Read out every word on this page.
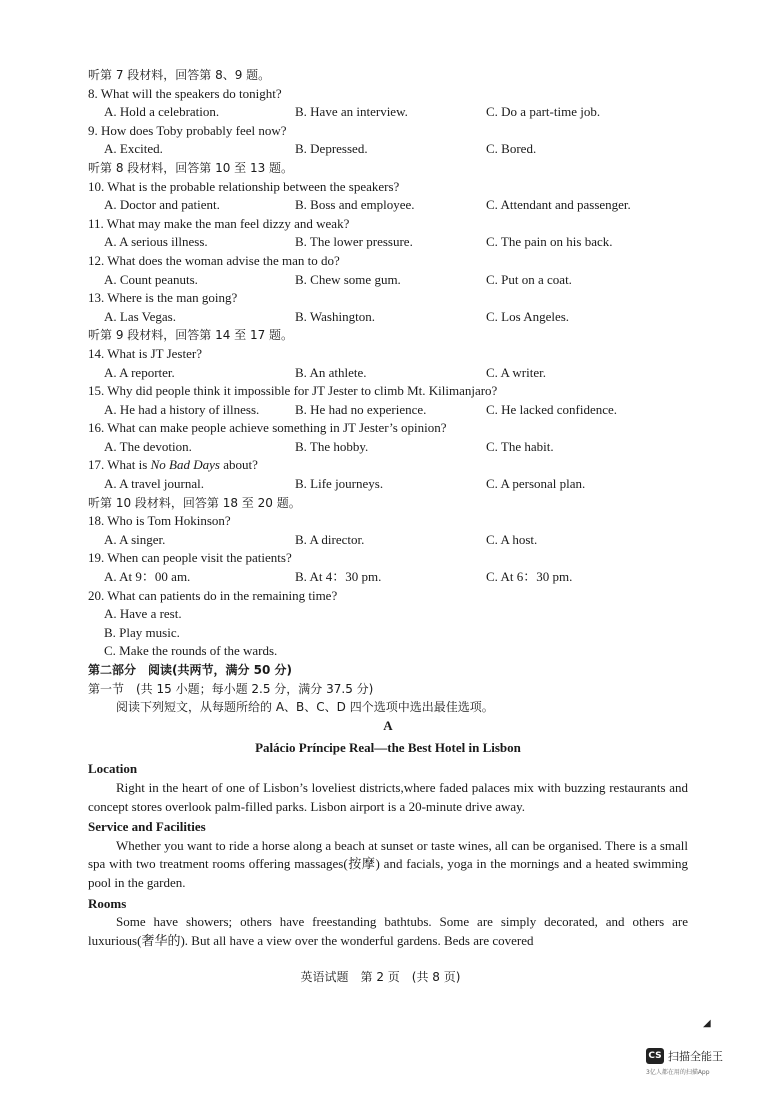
听第 7 段材料，回答第 8、9 题。
8. What will the speakers do tonight?
A. Hold a celebration.	B. Have an interview.	C. Do a part-time job.
9. How does Toby probably feel now?
A. Excited.	B. Depressed.	C. Bored.
听第 8 段材料，回答第 10 至 13 题。
10. What is the probable relationship between the speakers?
A. Doctor and patient.	B. Boss and employee.	C. Attendant and passenger.
11. What may make the man feel dizzy and weak?
A. A serious illness.	B. The lower pressure.	C. The pain on his back.
12. What does the woman advise the man to do?
A. Count peanuts.	B. Chew some gum.	C. Put on a coat.
13. Where is the man going?
A. Las Vegas.	B. Washington.	C. Los Angeles.
听第 9 段材料，回答第 14 至 17 题。
14. What is JT Jester?
A. A reporter.	B. An athlete.	C. A writer.
15. Why did people think it impossible for JT Jester to climb Mt. Kilimanjaro?
A. He had a history of illness.	B. He had no experience.	C. He lacked confidence.
16. What can make people achieve something in JT Jester’s opinion?
A. The devotion.	B. The hobby.	C. The habit.
17. What is No Bad Days about?
A. A travel journal.	B. Life journeys.	C. A personal plan.
听第 10 段材料，回答第 18 至 20 题。
18. Who is Tom Hokinson?
A. A singer.	B. A director.	C. A host.
19. When can people visit the patients?
A. At 9：00 am.	B. At 4：30 pm.	C. At 6：30 pm.
20. What can patients do in the remaining time?
A. Have a rest.
B. Play music.
C. Make the rounds of the wards.
第二部分　阅读(共两节，满分 50 分)
第一节　(共 15 小题；每小题 2.5 分，满分 37.5 分)
阅读下列短文，从每题所给的 A、B、C、D 四个选项中选出最佳选项。
A
Palácio Príncipe Real—the Best Hotel in Lisbon
Location
Right in the heart of one of Lisbon’s loveliest districts,where faded palaces mix with buzzing restaurants and concept stores overlook palm-filled parks. Lisbon airport is a 20-minute drive away.
Service and Facilities
Whether you want to ride a horse along a beach at sunset or taste wines, all can be organised. There is a small spa with two treatment rooms offering massages(按摩) and facials, yoga in the mornings and a heated swimming pool in the garden.
Rooms
Some have showers; others have freestanding bathtubs. Some are simply decorated, and others are luxurious(奢华的). But all have a view over the wonderful gardens. Beds are covered
英语试题　第 2 页　(共 8 页)
◢
CS 扫描全能王
3亿人都在用的扫描App
